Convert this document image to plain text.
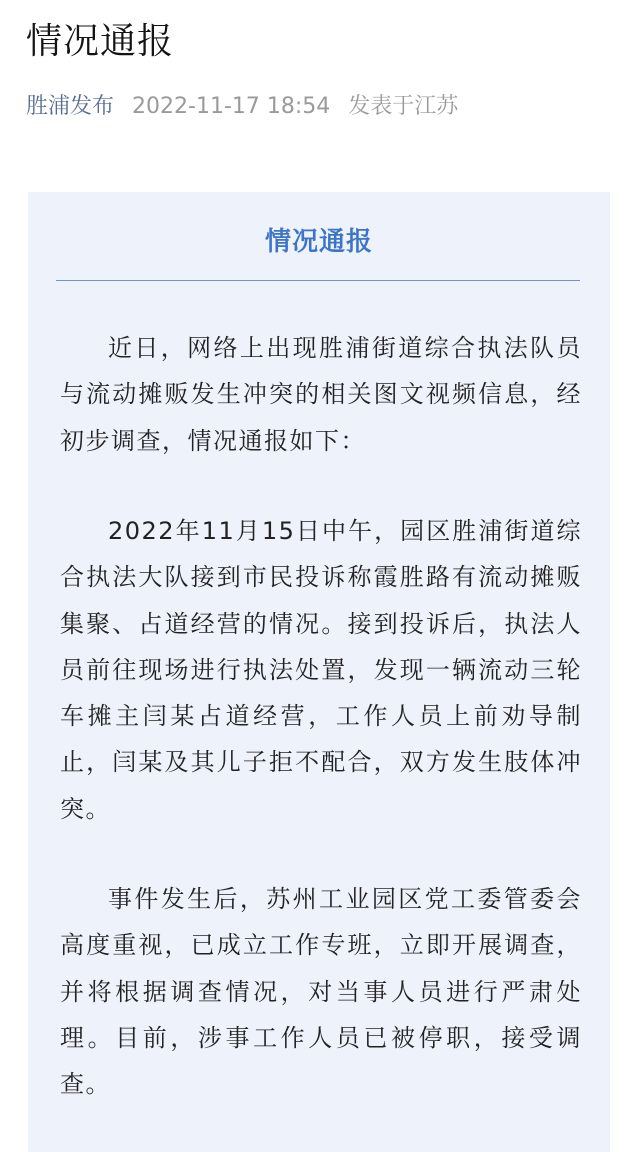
情况通报
胜浦发布 2022-11-17 18:54 发表于江苏
情况通报

近日，网络上出现胜浦街道综合执法队员与流动摊贩发生冲突的相关图文视频信息，经初步调查，情况通报如下：

2022年11月15日中午，园区胜浦街道综合执法大队接到市民投诉称霞胜路有流动摊贩集聚、占道经营的情况。接到投诉后，执法人员前往现场进行执法处置，发现一辆流动三轮车摊主闫某占道经营，工作人员上前劝导制止，闫某及其儿子拒不配合，双方发生肢体冲突。

事件发生后，苏州工业园区党工委管委会高度重视，已成立工作专班，立即开展调查，并将根据调查情况，对当事人员进行严肃处理。目前，涉事工作人员已被停职，接受调查。
